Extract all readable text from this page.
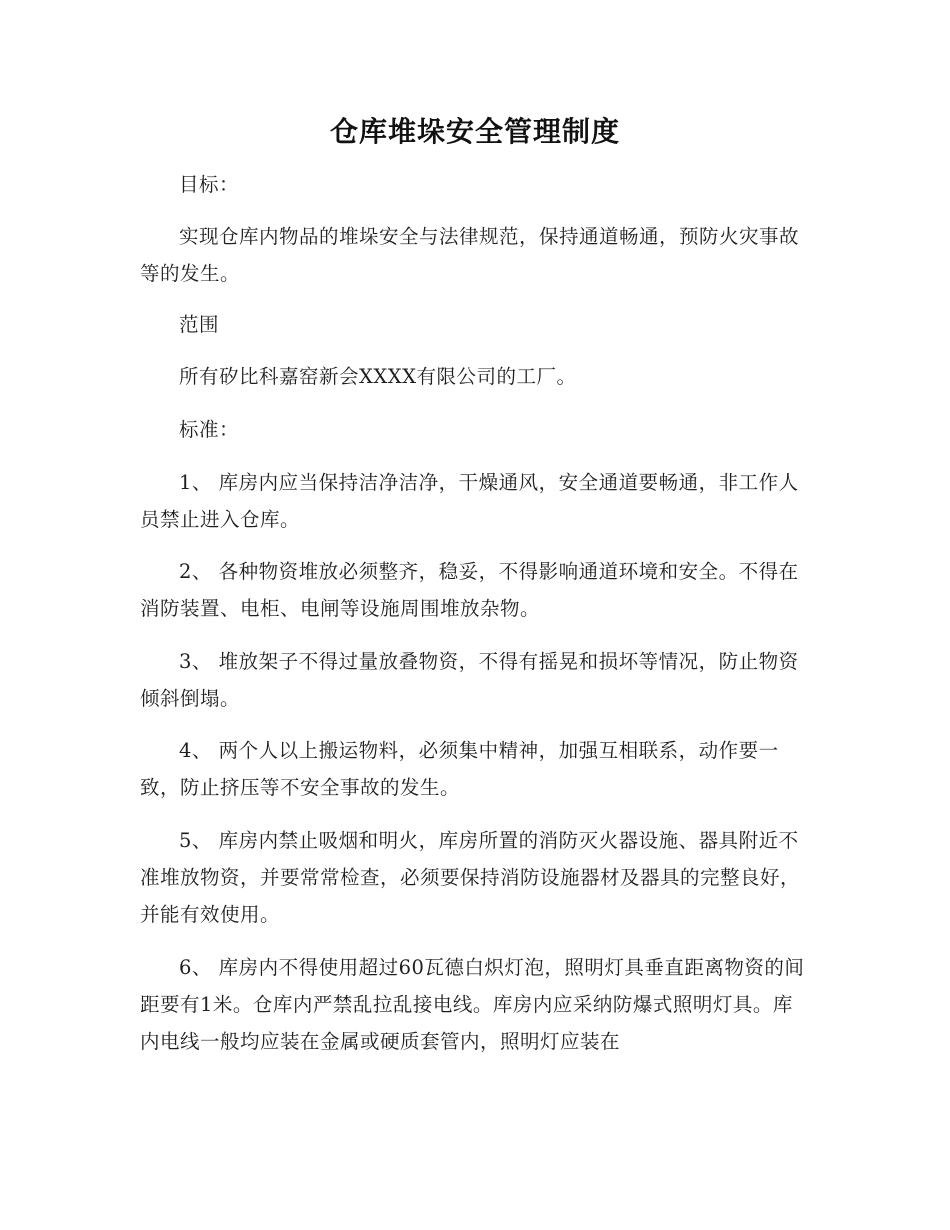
仓库堆垛安全管理制度

目标：

实现仓库内物品的堆垛安全与法律规范，保持通道畅通，预防火灾事故等的发生。

范围

所有矽比科嘉窑新会XXXX有限公司的工厂。

标准：

1、 库房内应当保持洁净洁净，干燥通风，安全通道要畅通，非工作人员禁止进入仓库。

2、 各种物资堆放必须整齐，稳妥，不得影响通道环境和安全。不得在消防装置、电柜、电闸等设施周围堆放杂物。

3、 堆放架子不得过量放叠物资，不得有摇晃和损坏等情况，防止物资倾斜倒塌。

4、 两个人以上搬运物料，必须集中精神，加强互相联系，动作要一致，防止挤压等不安全事故的发生。

5、 库房内禁止吸烟和明火，库房所置的消防灭火器设施、器具附近不准堆放物资，并要常常检查，必须要保持消防设施器材及器具的完整良好，并能有效使用。

6、 库房内不得使用超过60瓦德白炽灯泡，照明灯具垂直距离物资的间距要有1米。仓库内严禁乱拉乱接电线。库房内应采纳防爆式照明灯具。库内电线一般均应装在金属或硬质套管内，照明灯应装在
